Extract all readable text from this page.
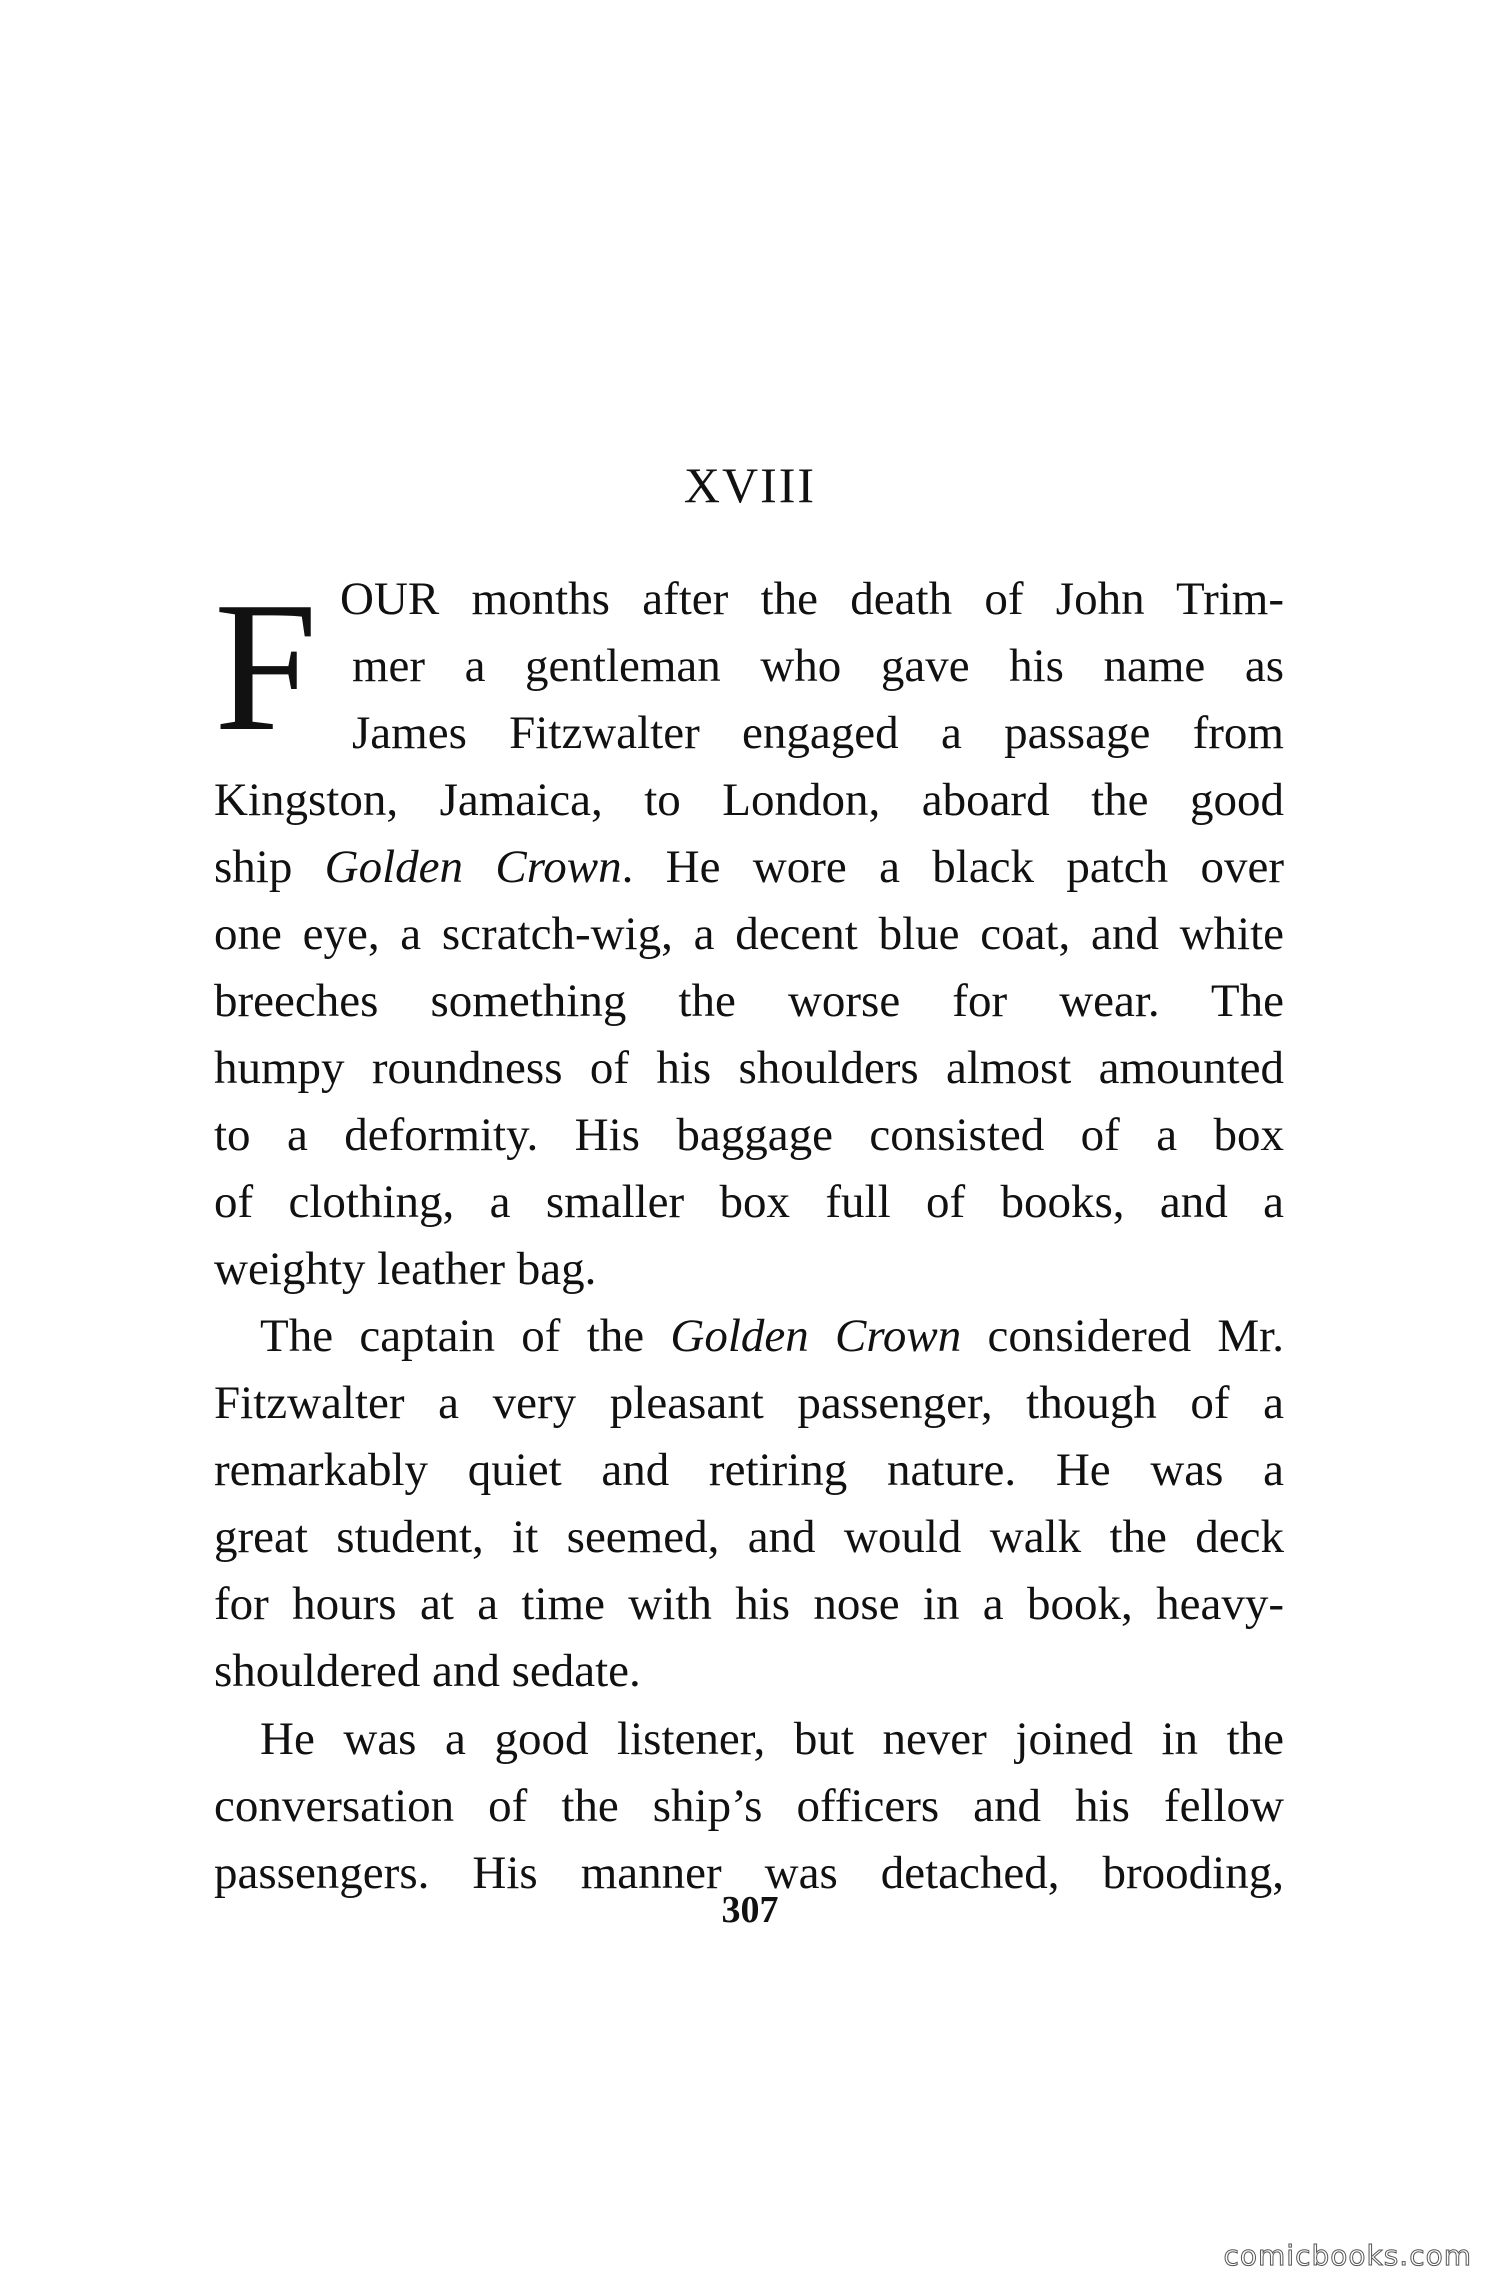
XVIII
F OUR months after the death of John Trim-
mer a gentleman who gave his name as
James Fitzwalter engaged a passage from
Kingston, Jamaica, to London, aboard the good
ship Golden Crown. He wore a black patch over
one eye, a scratch-wig, a decent blue coat, and white
breeches something the worse for wear. The
humpy roundness of his shoulders almost amounted
to a deformity. His baggage consisted of a box
of clothing, a smaller box full of books, and a
weighty leather bag.
The captain of the Golden Crown considered Mr.
Fitzwalter a very pleasant passenger, though of a
remarkably quiet and retiring nature. He was a
great student, it seemed, and would walk the deck
for hours at a time with his nose in a book, heavy-
shouldered and sedate.
He was a good listener, but never joined in the
conversation of the ship’s officers and his fellow
passengers. His manner was detached, brooding,
307
comicbooks.com
